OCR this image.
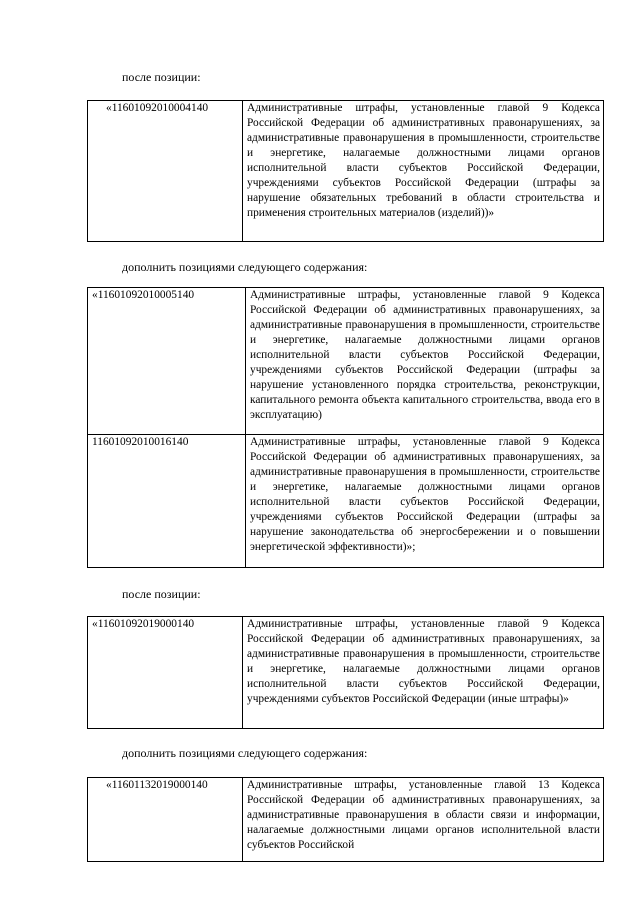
после позиции:
«11601092010004140	Административные штрафы, установленные главой 9 Кодекса Российской Федерации об административных правонарушениях, за административные правонарушения в промышленности, строительстве и энергетике, налагаемые должностными лицами органов исполнительной власти субъектов Российской Федерации, учреждениями субъектов Российской Федерации (штрафы за нарушение обязательных требований в области строительства и применения строительных материалов (изделий))»
дополнить позициями следующего содержания:
«11601092010005140	Административные штрафы, установленные главой 9 Кодекса Российской Федерации об административных правонарушениях, за административные правонарушения в промышленности, строительстве и энергетике, налагаемые должностными лицами органов исполнительной власти субъектов Российской Федерации, учреждениями субъектов Российской Федерации (штрафы за нарушение установленного порядка строительства, реконструкции, капитального ремонта объекта капитального строительства, ввода его в эксплуатацию)
11601092010016140	Административные штрафы, установленные главой 9 Кодекса Российской Федерации об административных правонарушениях, за административные правонарушения в промышленности, строительстве и энергетике, налагаемые должностными лицами органов исполнительной власти субъектов Российской Федерации, учреждениями субъектов Российской Федерации (штрафы за нарушение законодательства об энергосбережении и о повышении энергетической эффективности)»;
после позиции:
«11601092019000140	Административные штрафы, установленные главой 9 Кодекса Российской Федерации об административных правонарушениях, за административные правонарушения в промышленности, строительстве и энергетике, налагаемые должностными лицами органов исполнительной власти субъектов Российской Федерации, учреждениями субъектов Российской Федерации (иные штрафы)»
дополнить позициями следующего содержания:
«11601132019000140	Административные штрафы, установленные главой 13 Кодекса Российской Федерации об административных правонарушениях, за административные правонарушения в области связи и информации, налагаемые должностными лицами органов исполнительной власти субъектов Российской
